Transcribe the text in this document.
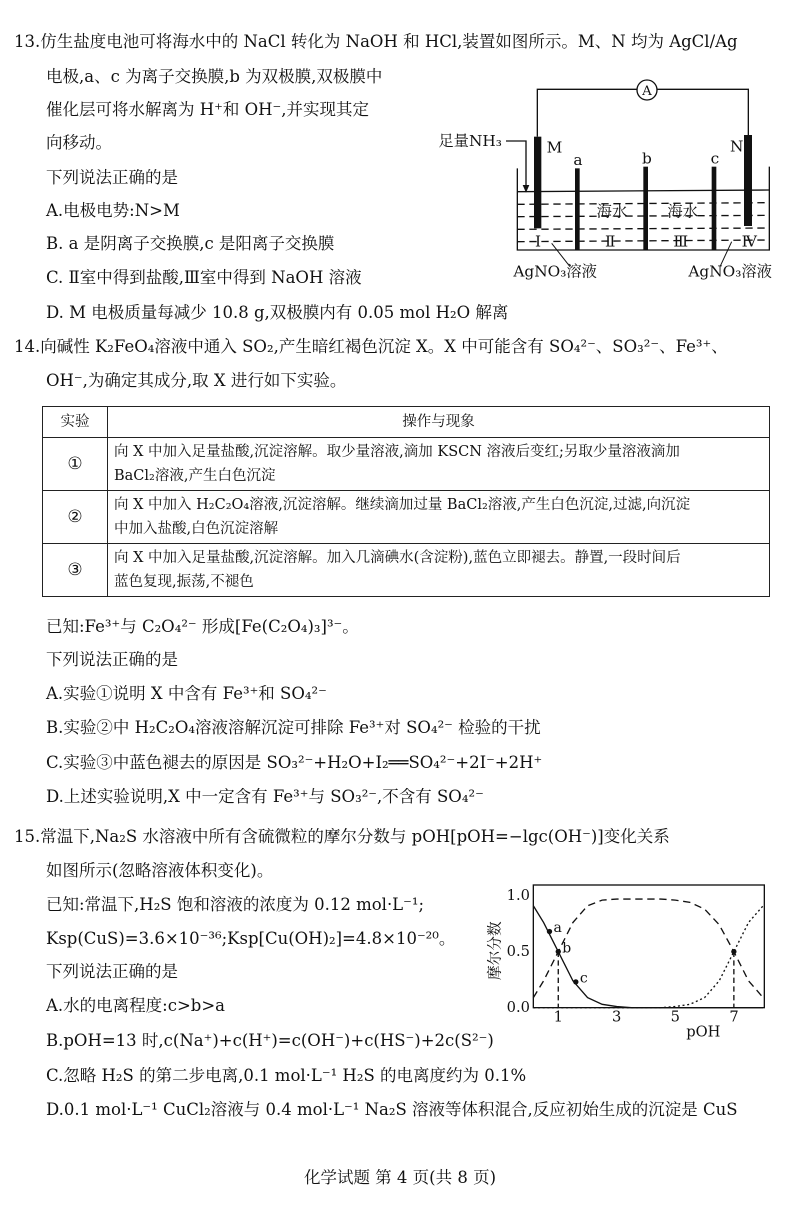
13.仿生盐度电池可将海水中的 NaCl 转化为 NaOH 和 HCl,装置如图所示。M、N 均为 AgCl/Ag
电极,a、c 为离子交换膜,b 为双极膜,双极膜中
催化层可将水解离为 H⁺和 OH⁻,并实现其定
向移动。
下列说法正确的是
A.电极电势:N>M
B. a 是阴离子交换膜,c 是阳离子交换膜
C. Ⅱ室中得到盐酸,Ⅲ室中得到 NaOH 溶液
D. M 电极质量每减少 10.8 g,双极膜内有 0.05 mol H₂O 解离
A
足量NH₃ M	N
a b c
海水 海水
Ⅰ Ⅱ Ⅲ Ⅳ
AgNO₃溶液 AgNO₃溶液
14.向碱性 K₂FeO₄溶液中通入 SO₂,产生暗红褐色沉淀 X。X 中可能含有 SO₄²⁻、SO₃²⁻、Fe³⁺、
OH⁻,为确定其成分,取 X 进行如下实验。
实验	操作与现象
①	向 X 中加入足量盐酸,沉淀溶解。取少量溶液,滴加 KSCN 溶液后变红;另取少量溶液滴加
BaCl₂溶液,产生白色沉淀

②	向 X 中加入 H₂C₂O₄溶液,沉淀溶解。继续滴加过量 BaCl₂溶液,产生白色沉淀,过滤,向沉淀
中加入盐酸,白色沉淀溶解

③	向 X 中加入足量盐酸,沉淀溶解。加入几滴碘水(含淀粉),蓝色立即褪去。静置,一段时间后
蓝色复现,振荡,不褪色
已知:Fe³⁺与 C₂O₄²⁻ 形成[Fe(C₂O₄)₃]³⁻。
下列说法正确的是
A.实验①说明 X 中含有 Fe³⁺和 SO₄²⁻
B.实验②中 H₂C₂O₄溶液溶解沉淀可排除 Fe³⁺对 SO₄²⁻ 检验的干扰
C.实验③中蓝色褪去的原因是 SO₃²⁻+H₂O+I₂══SO₄²⁻+2I⁻+2H⁺
D.上述实验说明,X 中一定含有 Fe³⁺与 SO₃²⁻,不含有 SO₄²⁻
15.常温下,Na₂S 水溶液中所有含硫微粒的摩尔分数与 pOH[pOH=−lgc(OH⁻)]变化关系
如图所示(忽略溶液体积变化)。
已知:常温下,H₂S 饱和溶液的浓度为 0.12 mol·L⁻¹;
Ksp(CuS)=3.6×10⁻³⁶;Ksp[Cu(OH)₂]=4.8×10⁻²⁰。
下列说法正确的是
A.水的电离程度:c>b>a
B.pOH=13 时,c(Na⁺)+c(H⁺)=c(OH⁻)+c(HS⁻)+2c(S²⁻)
C.忽略 H₂S 的第二步电离,0.1 mol·L⁻¹ H₂S 的电离度约为 0.1%
D.0.1 mol·L⁻¹ CuCl₂溶液与 0.4 mol·L⁻¹ Na₂S 溶液等体积混合,反应初始生成的沉淀是 CuS
a
b
c
1.0
0.5
0.0
1 3 5 7
pOH
摩尔分数
化学试题 第 4 页(共 8 页)
